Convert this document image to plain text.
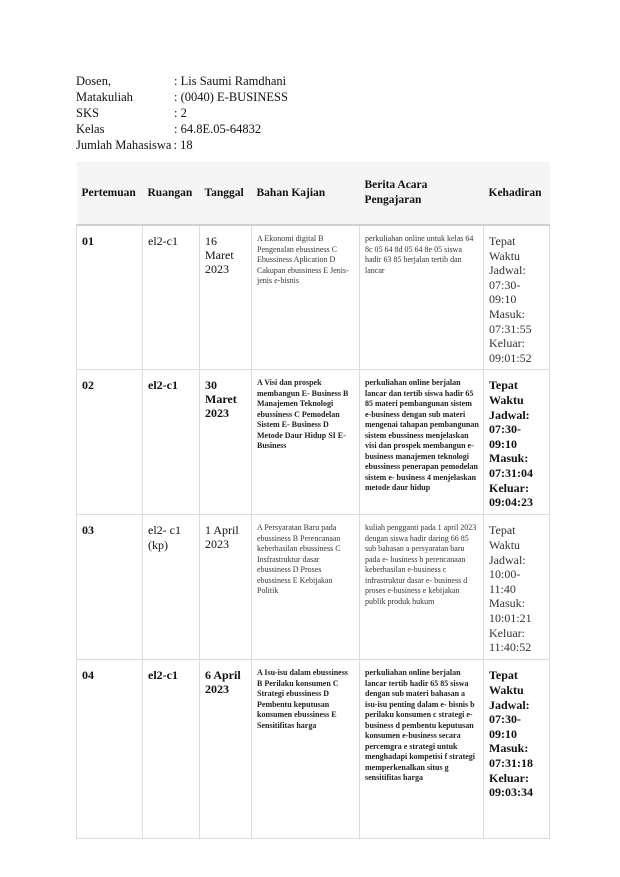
Dosen,	: Lis Saumi Ramdhani
Matakuliah	: (0040) E-BUSINESS
SKS	: 2
Kelas	: 64.8E.05-64832
Jumlah Mahasiswa : 18
Pertemuan	Ruangan	Tanggal	Bahan Kajian	Berita Acara Pengajaran	Kehadiran
01	el2-c1	16 Maret 2023	A Ekonomi digital B Pengenalan ebussiness C Ebussiness Aplication D Cakupan ebussiness E Jenis-jenis e-bisnis	perkuliahan online untuk kelas 64 8c 05 64 8d 05 64 8e 05 siswa hadir 63 85 berjalan tertib dan lancar	Tepat Waktu Jadwal: 07:30- 09:10 Masuk: 07:31:55 Keluar: 09:01:52
02	el2-c1	30 Maret 2023	A Visi dan prospek membangun E- Business B Manajemen Teknologi ebussiness C Pemodelan Sistem E- Business D Metode Daur Hidup SI E- Business	perkuliahan online berjalan lancar dan tertib siswa hadir 65 85 materi pembangunan sistem e-business dengan sub materi mengenai tahapan pembangunan sistem ebussiness menjelaskan visi dan prospek membangun e- business manajemen teknologi ebussiness penerapan pemodelan sistem e- business 4 menjelaskan metode daur hidup	Tepat Waktu Jadwal: 07:30- 09:10 Masuk: 07:31:04 Keluar: 09:04:23
03	el2- c1 (kp)	1 April 2023	A Persyaratan Baru pada ebussiness B Perencanaan keberhasilan ebussiness C Insfrastruktur dasar ebussiness D Proses ebussiness E Kebijakan Politik	kuliah pengganti pada 1 april 2023 dengan siswa hadir daring 66 85 sub bahasan a persyaratan baru pada e- business b perencanaan keberhasilan e-business c infrastruktur dasar e- business d proses e-business e kebijakan publik produk hukum	Tepat Waktu Jadwal: 10:00- 11:40 Masuk: 10:01:21 Keluar: 11:40:52
04	el2-c1	6 April 2023	A Isu-isu dalam ebussiness B Perilaku konsumen C Strategi ebussiness D Pembentu keputusan konsumen ebussiness E Sensitifitas harga	perkuliahan online berjalan lancar tertib hadir 65 85 siswa dengan sub materi bahasan a isu-isu penting dalam e- bisnis b perilaku konsumen c strategi e-business d pembentu keputusan konsumen e-business secara percemgra e strategi untuk menghadapi kompetisi f strategi memperkenalkan situs g sensitifitas harga	Tepat Waktu Jadwal: 07:30- 09:10 Masuk: 07:31:18 Keluar: 09:03:34
